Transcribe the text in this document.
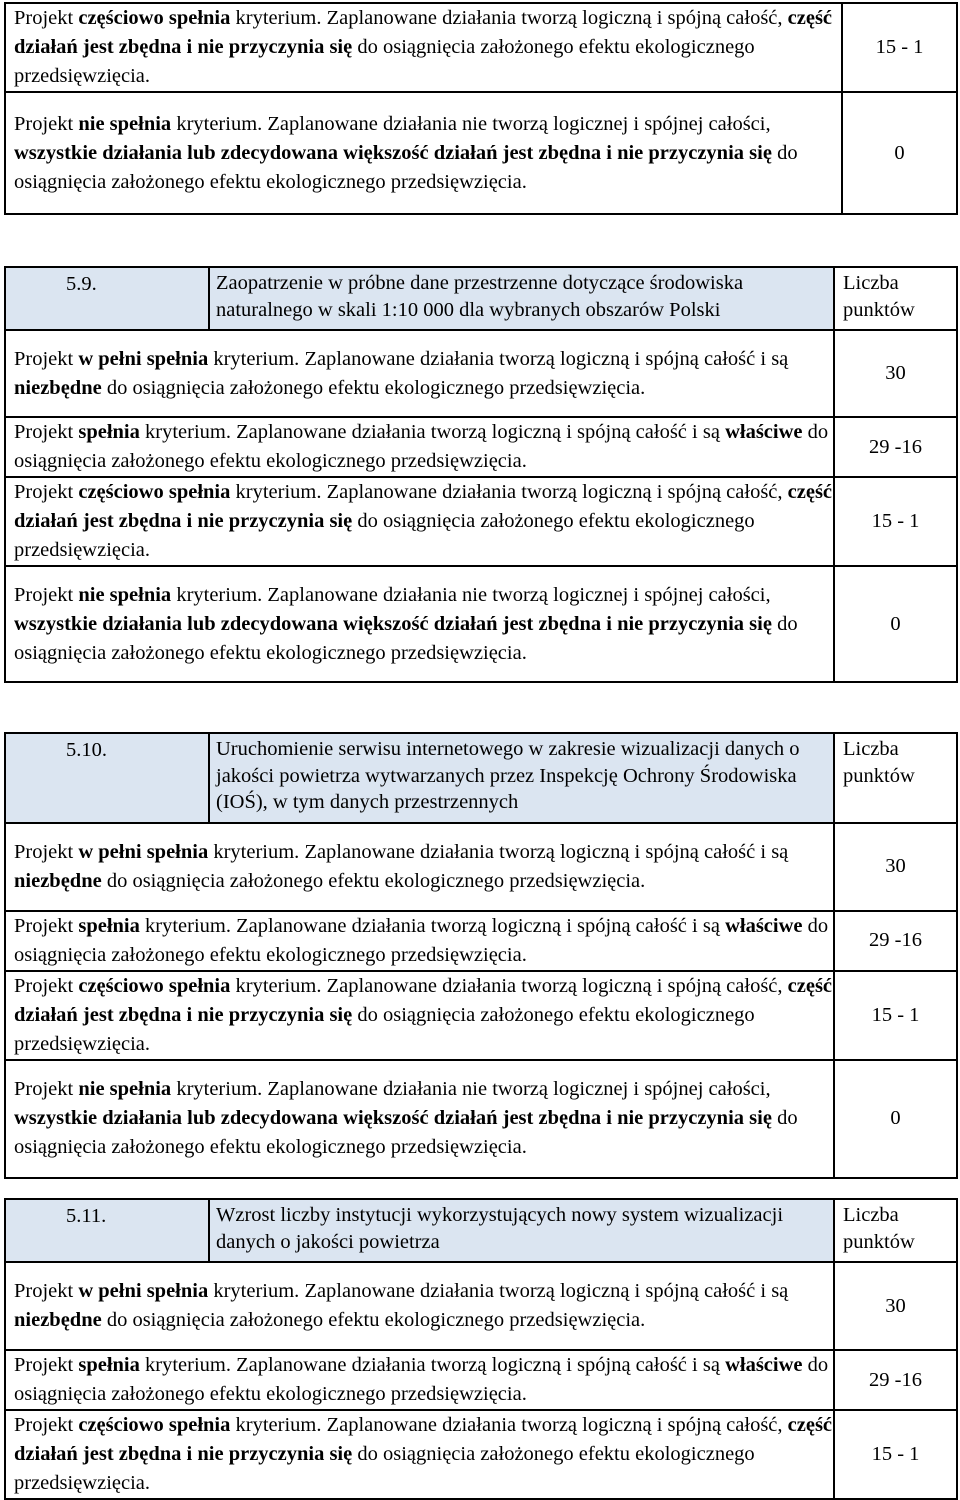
Projekt częściowo spełnia kryterium. Zaplanowane działania tworzą logiczną i spójną całość, część działań jest zbędna i nie przyczynia się do osiągnięcia założonego efektu ekologicznego przedsięwzięcia.	15 - 1
Projekt nie spełnia kryterium. Zaplanowane działania nie tworzą logicznej i spójnej całości, wszystkie działania lub zdecydowana większość działań jest zbędna i nie przyczynia się do osiągnięcia założonego efektu ekologicznego przedsięwzięcia.	0
5.9.	Zaopatrzenie w próbne dane przestrzenne dotyczące środowiska naturalnego w skali 1:10 000 dla wybranych obszarów Polski	Liczba punktów
Projekt w pełni spełnia kryterium. Zaplanowane działania tworzą logiczną i spójną całość i są niezbędne do osiągnięcia założonego efektu ekologicznego przedsięwzięcia.		30
Projekt spełnia kryterium. Zaplanowane działania tworzą logiczną i spójną całość i są właściwe do osiągnięcia założonego efektu ekologicznego przedsięwzięcia.		29 -16
Projekt częściowo spełnia kryterium. Zaplanowane działania tworzą logiczną i spójną całość, część działań jest zbędna i nie przyczynia się do osiągnięcia założonego efektu ekologicznego przedsięwzięcia.		15 - 1
Projekt nie spełnia kryterium. Zaplanowane działania nie tworzą logicznej i spójnej całości, wszystkie działania lub zdecydowana większość działań jest zbędna i nie przyczynia się do osiągnięcia założonego efektu ekologicznego przedsięwzięcia.		0
5.10.	Uruchomienie serwisu internetowego w zakresie wizualizacji danych o jakości powietrza wytwarzanych przez Inspekcję Ochrony Środowiska (IOŚ), w tym danych przestrzennych	Liczba punktów
Projekt w pełni spełnia kryterium. Zaplanowane działania tworzą logiczną i spójną całość i są niezbędne do osiągnięcia założonego efektu ekologicznego przedsięwzięcia.		30
Projekt spełnia kryterium. Zaplanowane działania tworzą logiczną i spójną całość i są właściwe do osiągnięcia założonego efektu ekologicznego przedsięwzięcia.		29 -16
Projekt częściowo spełnia kryterium. Zaplanowane działania tworzą logiczną i spójną całość, część działań jest zbędna i nie przyczynia się do osiągnięcia założonego efektu ekologicznego przedsięwzięcia.		15 - 1
Projekt nie spełnia kryterium. Zaplanowane działania nie tworzą logicznej i spójnej całości, wszystkie działania lub zdecydowana większość działań jest zbędna i nie przyczynia się do osiągnięcia założonego efektu ekologicznego przedsięwzięcia.		0
5.11.	Wzrost liczby instytucji wykorzystujących nowy system wizualizacji danych o jakości powietrza	Liczba punktów
Projekt w pełni spełnia kryterium. Zaplanowane działania tworzą logiczną i spójną całość i są niezbędne do osiągnięcia założonego efektu ekologicznego przedsięwzięcia.		30
Projekt spełnia kryterium. Zaplanowane działania tworzą logiczną i spójną całość i są właściwe do osiągnięcia założonego efektu ekologicznego przedsięwzięcia.		29 -16
Projekt częściowo spełnia kryterium. Zaplanowane działania tworzą logiczną i spójną całość, część działań jest zbędna i nie przyczynia się do osiągnięcia założonego efektu ekologicznego przedsięwzięcia.		15 - 1
